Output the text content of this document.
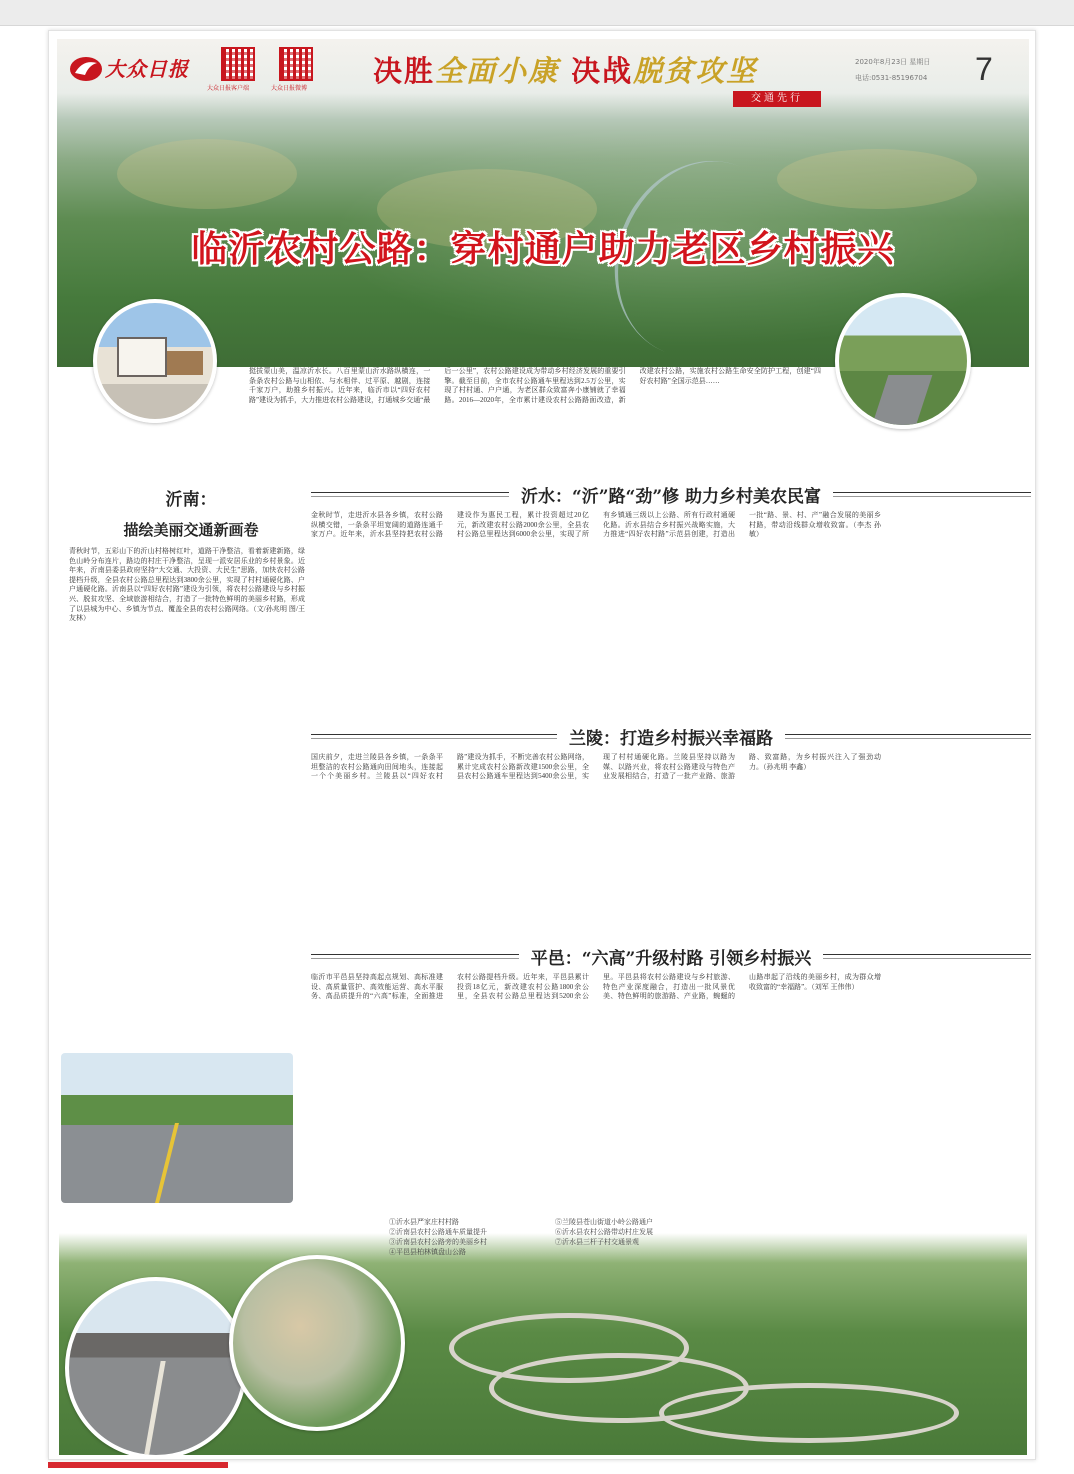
大众日报
大众日报客户端	大众日报微博
决胜全面小康 决战脱贫攻坚
交通先行
2020年8月23日 星期日
电话:0531-85196704 7
临沂农村公路：穿村通户助力老区乡村振兴
挺拔蒙山美，温凉沂水长。八百里蒙山沂水路纵横连，一条条农村公路与山相依、与水相伴、过平原、越剧，连接千家万户，助推乡村振兴。近年来，临沂市以“四好农村路”建设为抓手，大力推进农村公路建设，打通城乡交通“最后一公里”，农村公路建设成为带动乡村经济发展的重要引擎。截至目前，全市农村公路通车里程达到2.5万公里，实现了村村通、户户通，为老区群众致富奔小康铺就了幸福路。2016—2020年，全市累计建设农村公路路面改造，新改建农村公路，实施农村公路生命安全防护工程，创建“四好农村路”全国示范县……
沂南：
描绘美丽交通新画卷
青秋时节，五彩山下的沂山村格树红叶，道路干净整洁，看着新建新路，绿色山岭分布连片，路边的村庄干净整洁，呈现一派安居乐业的乡村景象。近年来，沂南县委县政府坚持“大交通、大投资、大民生”思路，加快农村公路提档升级，全县农村公路总里程达到3800余公里，实现了村村通硬化路、户户通硬化路。沂南县以“四好农村路”建设为引领，将农村公路建设与乡村振兴、脱贫攻坚、全域旅游相结合，打造了一批特色鲜明的美丽乡村路，形成了以县城为中心、乡镇为节点、覆盖全县的农村公路网络。（文/孙兆明 图/王友林）
沂水：“沂”路“劲”修 助力乡村美农民富
金秋时节，走进沂水县各乡镇，农村公路纵横交错，一条条平坦宽阔的道路连通千家万户。近年来，沂水县坚持把农村公路建设作为惠民工程，累计投资超过20亿元，新改建农村公路2000余公里，全县农村公路总里程达到6000余公里，实现了所有乡镇通三级以上公路、所有行政村通硬化路。沂水县结合乡村振兴战略实施，大力推进“四好农村路”示范县创建，打造出一批“路、景、村、产”融合发展的美丽乡村路，带动沿线群众增收致富。（李杰 孙敏）
兰陵：打造乡村振兴幸福路
国庆前夕，走进兰陵县各乡镇，一条条平坦整洁的农村公路通向田间地头，连接起一个个美丽乡村。兰陵县以“四好农村路”建设为抓手，不断完善农村公路网络，累计完成农村公路新改建1500余公里，全县农村公路通车里程达到5400余公里，实现了村村通硬化路。兰陵县坚持以路为媒、以路兴业，将农村公路建设与特色产业发展相结合，打造了一批产业路、旅游路、致富路，为乡村振兴注入了强劲动力。（孙兆明 李鑫）
平邑：“六高”升级村路 引领乡村振兴
临沂市平邑县坚持高起点规划、高标准建设、高质量管护、高效能运营、高水平服务、高品质提升的“六高”标准，全面推进农村公路提档升级。近年来，平邑县累计投资18亿元，新改建农村公路1800余公里，全县农村公路总里程达到5200余公里。平邑县将农村公路建设与乡村旅游、特色产业深度融合，打造出一批风景优美、特色鲜明的旅游路、产业路，蜿蜒的山路串起了沿线的美丽乡村，成为群众增收致富的“幸福路”。（刘军 王伟伟）
①沂水县严家庄村村路
②沂南县农村公路通车质量提升
③沂南县农村公路旁的美丽乡村
④平邑县柏林镇盘山公路
⑤兰陵县苍山街道小岭公路通户
⑥沂水县农村公路带动村庄发展
⑦沂水县三杆子村交通景观
